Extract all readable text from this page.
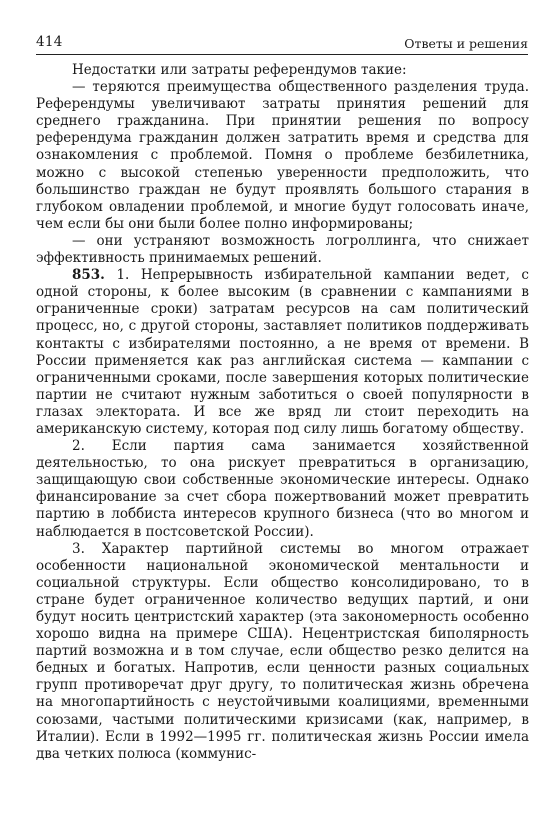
414	Ответы и решения

Недостатки или затраты референдумов такие:

— теряются преимущества общественного разделения труда. Референдумы увеличивают затраты принятия решений для среднего гражданина. При принятии решения по вопросу референдума гражданин должен затратить время и средства для ознакомления с проблемой. Помня о проблеме безбилетника, можно с высокой степенью уверенности предположить, что большинство граждан не будут проявлять большого старания в глубоком овладении проблемой, и многие будут голосовать иначе, чем если бы они были более полно информированы;

— они устраняют возможность логроллинга, что снижает эффективность принимаемых решений.

853. 1. Непрерывность избирательной кампании ведет, с одной стороны, к более высоким (в сравнении с кампаниями в ограниченные сроки) затратам ресурсов на сам политический процесс, но, с другой стороны, заставляет политиков поддерживать контакты с избирателями постоянно, а не время от времени. В России применяется как раз английская система — кампании с ограниченными сроками, после завершения которых политические партии не считают нужным заботиться о своей популярности в глазах электората. И все же вряд ли стоит переходить на американскую систему, которая под силу лишь богатому обществу.

2. Если партия сама занимается хозяйственной деятельностью, то она рискует превратиться в организацию, защищающую свои собственные экономические интересы. Однако финансирование за счет сбора пожертвований может превратить партию в лоббиста интересов крупного бизнеса (что во многом и наблюдается в постсоветской России).

3. Характер партийной системы во многом отражает особенности национальной экономической ментальности и социальной структуры. Если общество консолидировано, то в стране будет ограниченное количество ведущих партий, и они будут носить центристский характер (эта закономерность особенно хорошо видна на примере США). Нецентристская биполярность партий возможна и в том случае, если общество резко делится на бедных и богатых. Напротив, если ценности разных социальных групп противоречат друг другу, то политическая жизнь обречена на многопартийность с неустойчивыми коалициями, временными союзами, частыми политическими кризисами (как, например, в Италии). Если в 1992—1995 гг. политическая жизнь России имела два четких полюса (коммунис-
